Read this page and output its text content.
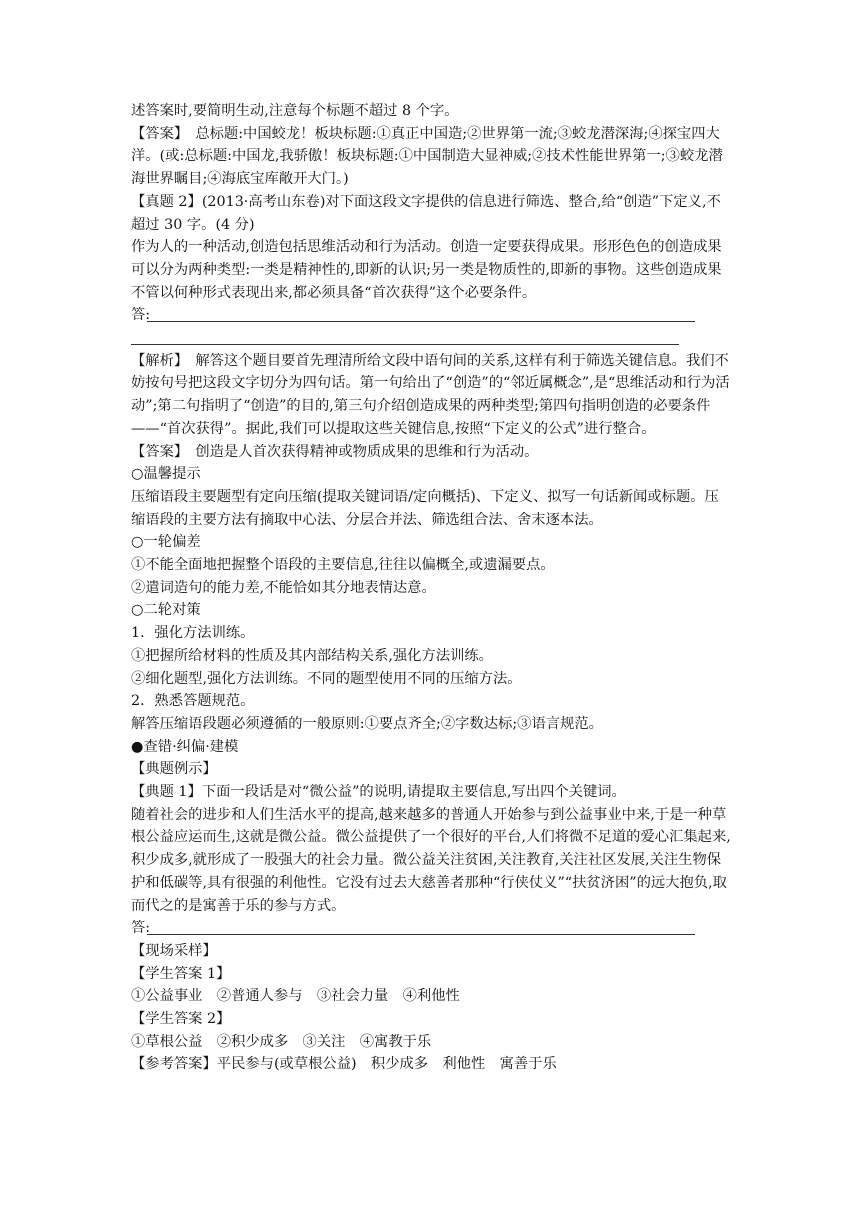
述答案时,要简明生动,注意每个标题不超过 8 个字。

【答案】　总标题:中国蛟龙！板块标题:①真正中国造;②世界第一流;③蛟龙潜深海;④探宝四大洋。(或:总标题:中国龙,我骄傲！板块标题:①中国制造大显神威;②技术性能世界第一;③蛟龙潜海世界瞩目;④海底宝库敞开大门。)

【真题 2】(2013·高考山东卷)对下面这段文字提供的信息进行筛选、整合,给“创造”下定义,不超过 30 字。(4 分)

作为人的一种活动,创造包括思维活动和行为活动。创造一定要获得成果。形形色色的创造成果可以分为两种类型:一类是精神性的,即新的认识;另一类是物质性的,即新的事物。这些创造成果不管以何种形式表现出来,都必须具备“首次获得”这个必要条件。

答:

【解析】　解答这个题目要首先理清所给文段中语句间的关系,这样有利于筛选关键信息。我们不妨按句号把这段文字切分为四句话。第一句给出了“创造”的“邻近属概念”,是“思维活动和行为活动”;第二句指明了“创造”的目的,第三句介绍创造成果的两种类型;第四句指明创造的必要条件——“首次获得”。据此,我们可以提取这些关键信息,按照“下定义的公式”进行整合。

【答案】　创造是人首次获得精神或物质成果的思维和行为活动。

○温馨提示

压缩语段主要题型有定向压缩(提取关键词语/定向概括)、下定义、拟写一句话新闻或标题。压缩语段的主要方法有摘取中心法、分层合并法、筛选组合法、舍末逐本法。

○一轮偏差

①不能全面地把握整个语段的主要信息,往往以偏概全,或遗漏要点。

②遣词造句的能力差,不能恰如其分地表情达意。

○二轮对策

1．强化方法训练。

①把握所给材料的性质及其内部结构关系,强化方法训练。

②细化题型,强化方法训练。不同的题型使用不同的压缩方法。

2．熟悉答题规范。

解答压缩语段题必须遵循的一般原则:①要点齐全;②字数达标;③语言规范。

●查错·纠偏·建模

【典题例示】

【典题 1】下面一段话是对“微公益”的说明,请提取主要信息,写出四个关键词。

随着社会的进步和人们生活水平的提高,越来越多的普通人开始参与到公益事业中来,于是一种草根公益应运而生,这就是微公益。微公益提供了一个很好的平台,人们将微不足道的爱心汇集起来,积少成多,就形成了一股强大的社会力量。微公益关注贫困,关注教育,关注社区发展,关注生物保护和低碳等,具有很强的利他性。它没有过去大慈善者那种“行侠仗义”“扶贫济困”的远大抱负,取而代之的是寓善于乐的参与方式。

答:

【现场采样】

【学生答案 1】

①公益事业　②普通人参与　③社会力量　④利他性

【学生答案 2】

①草根公益　②积少成多　③关注　④寓教于乐

【参考答案】平民参与(或草根公益)　积少成多　利他性　寓善于乐
